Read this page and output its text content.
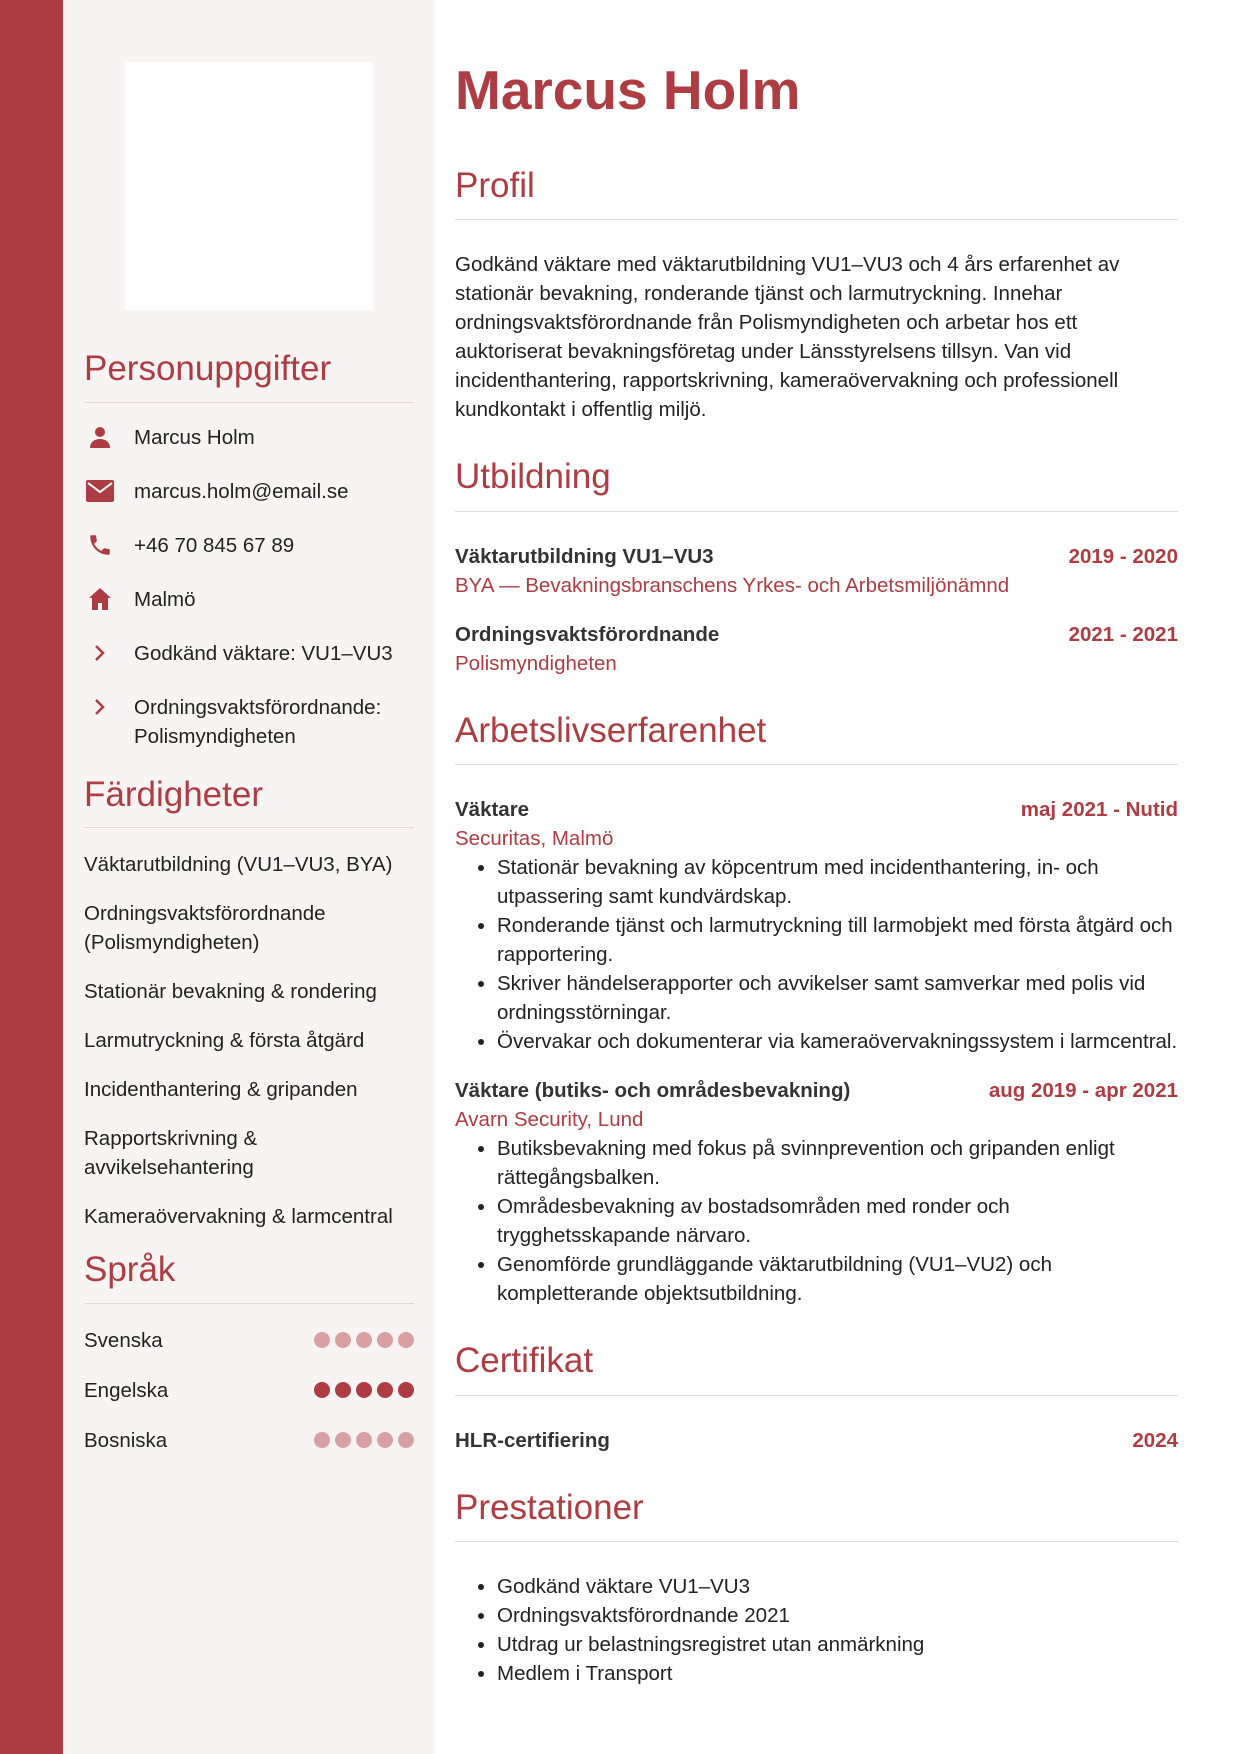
Personuppgifter
Marcus Holm
marcus.holm@email.se
+46 70 845 67 89
Malmö
Godkänd väktare: VU1–VU3
Ordningsvaktsförordnande: Polismyndigheten
Färdigheter
Väktarutbildning (VU1–VU3, BYA)
Ordningsvaktsförordnande (Polismyndigheten)
Stationär bevakning & rondering
Larmutryckning & första åtgärd
Incidenthantering & gripanden
Rapportskrivning & avvikelsehantering
Kameraövervakning & larmcentral
Språk
Svenska
Engelska
Bosniska
Marcus Holm
Profil

Godkänd väktare med väktarutbildning VU1–VU3 och 4 års erfarenhet av stationär bevakning, ronderande tjänst och larmutryckning. Innehar ordningsvaktsförordnande från Polismyndigheten och arbetar hos ett auktoriserat bevakningsföretag under Länsstyrelsens tillsyn. Van vid incidenthantering, rapportskrivning, kameraövervakning och professionell kundkontakt i offentlig miljö.

Utbildning
Väktarutbildning VU1–VU3	2019 - 2020
BYA — Bevakningsbranschens Yrkes- och Arbetsmiljönämnd
Ordningsvaktsförordnande	2021 - 2021
Polismyndigheten
Arbetslivserfarenhet
Väktare	maj 2021 - Nutid
Securitas, Malmö
• Stationär bevakning av köpcentrum med incidenthantering, in- och utpassering samt kundvärdskap.
• Ronderande tjänst och larmutryckning till larmobjekt med första åtgärd och rapportering.
• Skriver händelserapporter och avvikelser samt samverkar med polis vid ordningsstörningar.
• Övervakar och dokumenterar via kameraövervakningssystem i larmcentral.
Väktare (butiks- och områdesbevakning)	aug 2019 - apr 2021
Avarn Security, Lund
• Butiksbevakning med fokus på svinnprevention och gripanden enligt rättegångsbalken.
• Områdesbevakning av bostadsområden med ronder och trygghetsskapande närvaro.
• Genomförde grundläggande väktarutbildning (VU1–VU2) och kompletterande objektsutbildning.
Certifikat
HLR-certifiering	2024
Prestationer
• Godkänd väktare VU1–VU3
• Ordningsvaktsförordnande 2021
• Utdrag ur belastningsregistret utan anmärkning
• Medlem i Transport
